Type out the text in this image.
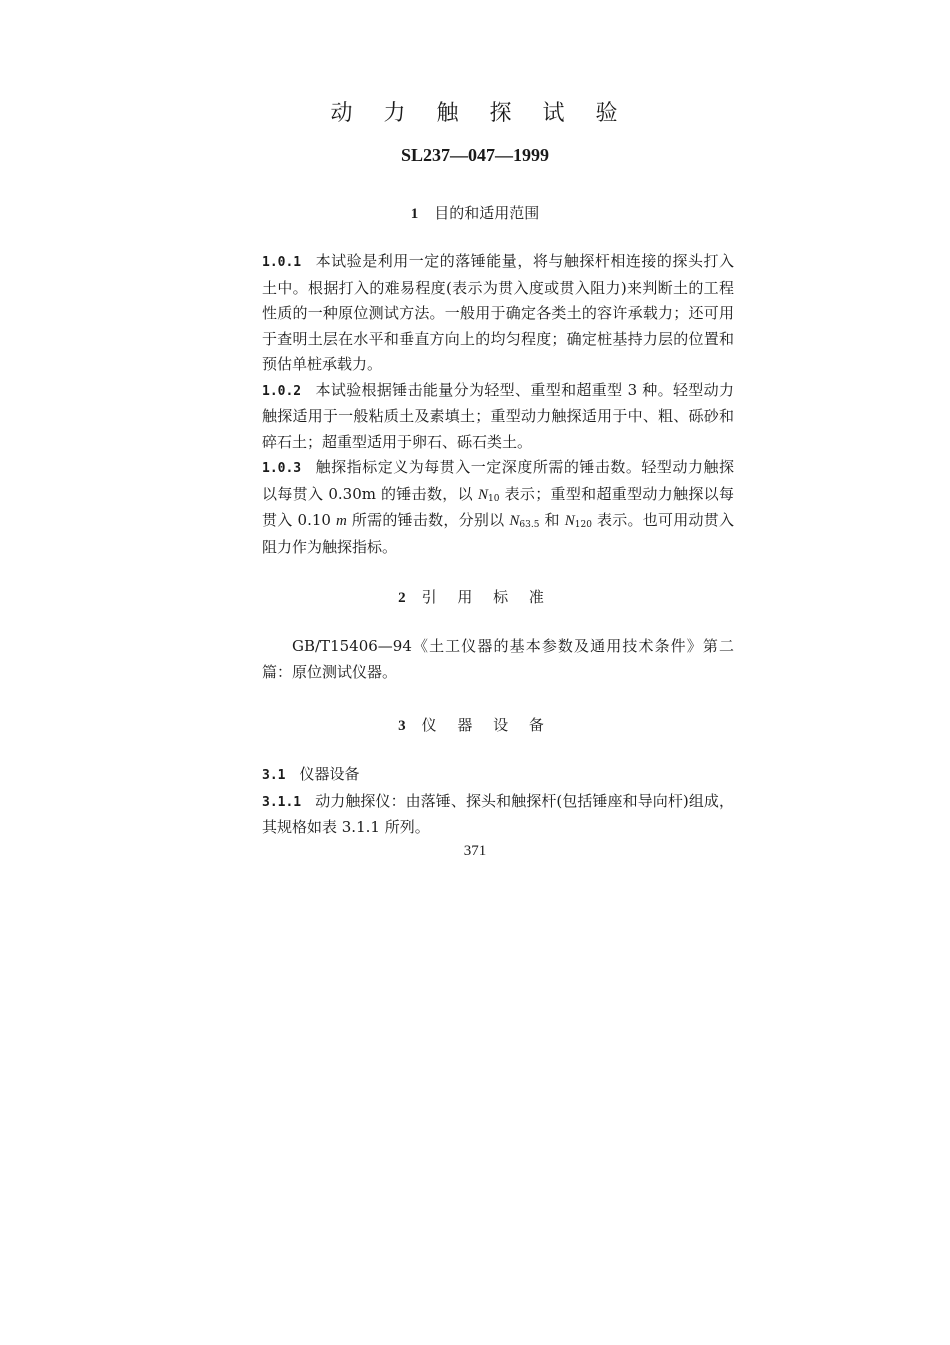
动 力 触 探 试 验
SL237—047—1999
1 目的和适用范围

1.0.1 本试验是利用一定的落锤能量，将与触探杆相连接的探头打入土中。根据打入的难易程度(表示为贯入度或贯入阻力)来判断土的工程性质的一种原位测试方法。一般用于确定各类土的容许承载力；还可用于查明土层在水平和垂直方向上的均匀程度；确定桩基持力层的位置和预估单桩承载力。

1.0.2 本试验根据锤击能量分为轻型、重型和超重型 3 种。轻型动力触探适用于一般粘质土及素填土；重型动力触探适用于中、粗、砾砂和碎石土；超重型适用于卵石、砾石类土。

1.0.3 触探指标定义为每贯入一定深度所需的锤击数。轻型动力触探以每贯入 0.30m 的锤击数，以 $N_{10}$ 表示；重型和超重型动力触探以每贯入 0.10 m 所需的锤击数，分别以 $N_{63.5}$ 和 $N_{120}$ 表示。也可用动贯入阻力作为触探指标。

2 引 用 标 准

GB/T15406—94《土工仪器的基本参数及通用技术条件》第二篇：原位测试仪器。

3 仪 器 设 备

3.1 仪器设备

3.1.1 动力触探仪：由落锤、探头和触探杆(包括锤座和导向杆)组成，其规格如表 3.1.1 所列。

371
